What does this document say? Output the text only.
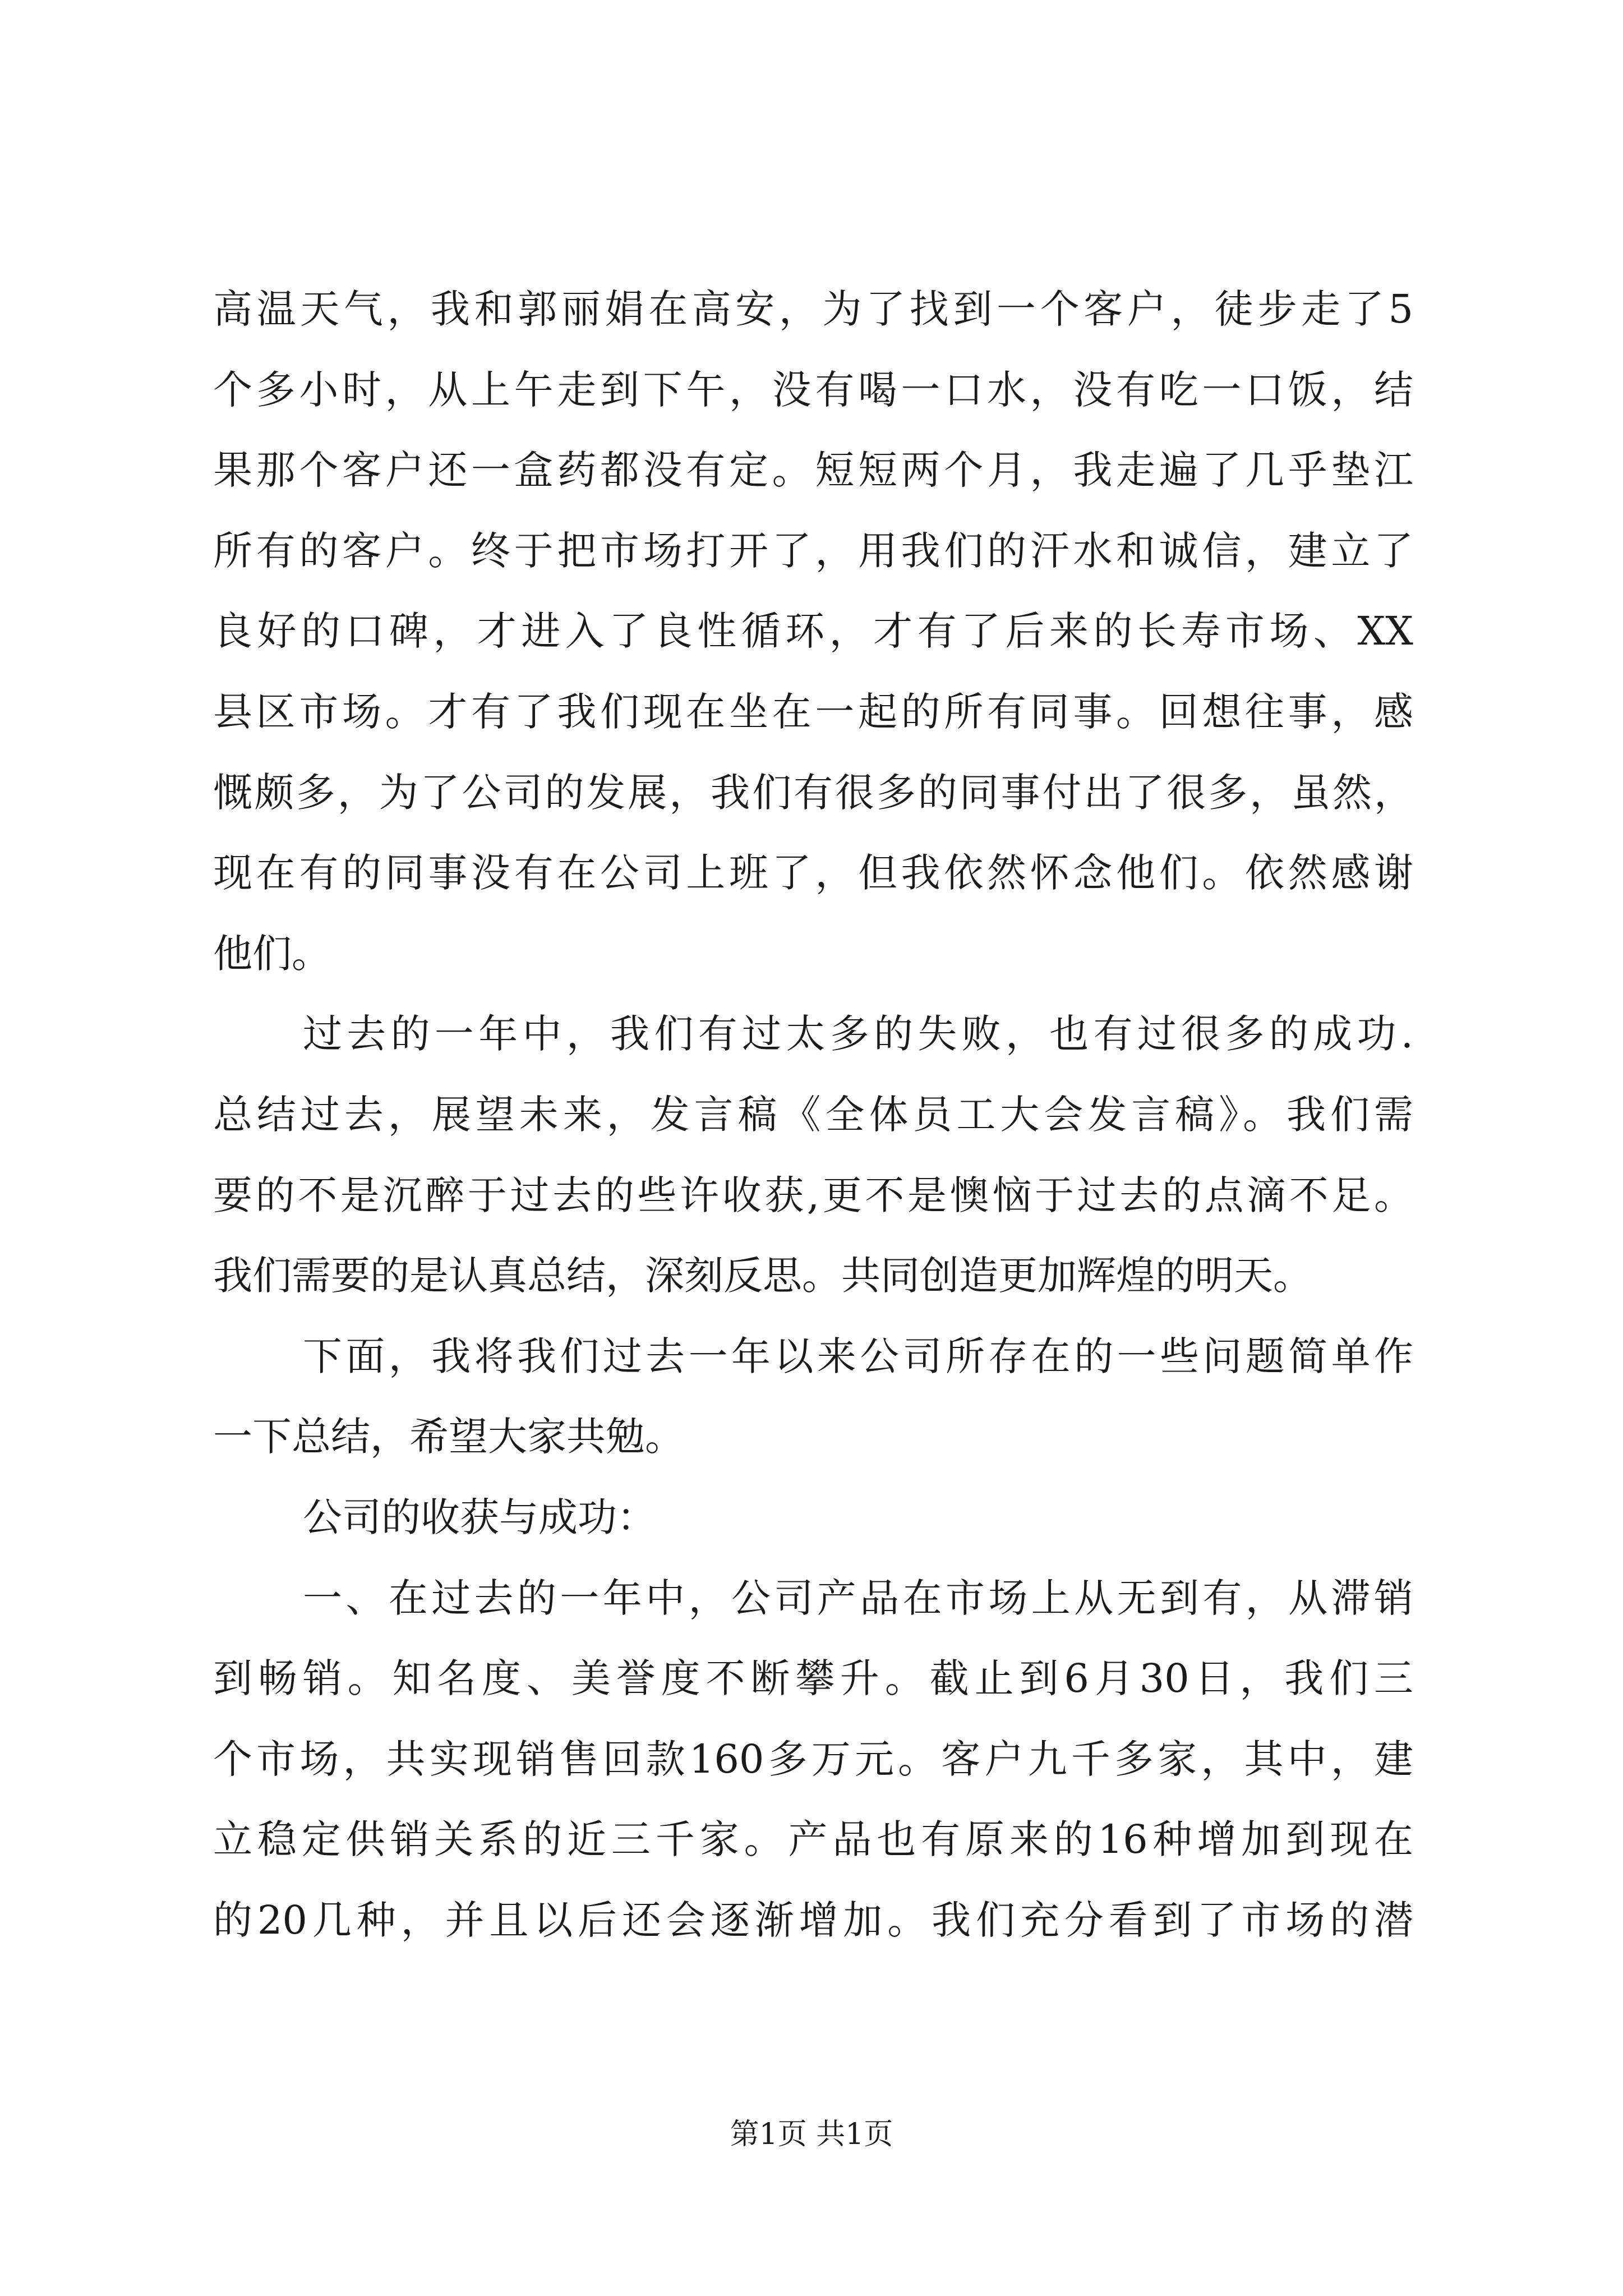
高温天气，我和郭丽娟在高安，为了找到一个客户，徒步走了5
个多小时，从上午走到下午，没有喝一口水，没有吃一口饭，结
果那个客户还一盒药都没有定。短短两个月，我走遍了几乎垫江
所有的客户。终于把市场打开了，用我们的汗水和诚信，建立了
良好的口碑，才进入了良性循环，才有了后来的长寿市场、XX
县区市场。才有了我们现在坐在一起的所有同事。回想往事，感
慨颇多，为了公司的发展，我们有很多的同事付出了很多，虽然，
现在有的同事没有在公司上班了，但我依然怀念他们。依然感谢
他们。
过去的一年中，我们有过太多的失败，也有过很多的成功.
总结过去，展望未来，发言稿《全体员工大会发言稿》。我们需
要的不是沉醉于过去的些许收获,更不是懊恼于过去的点滴不足。
我们需要的是认真总结，深刻反思。共同创造更加辉煌的明天。
下面，我将我们过去一年以来公司所存在的一些问题简单作
一下总结，希望大家共勉。
公司的收获与成功：
一、在过去的一年中，公司产品在市场上从无到有，从滞销
到畅销。知名度、美誉度不断攀升。截止到6月30日，我们三
个市场，共实现销售回款160多万元。客户九千多家，其中，建
立稳定供销关系的近三千家。产品也有原来的16种增加到现在
的20几种，并且以后还会逐渐增加。我们充分看到了市场的潜
第1页 共1页
